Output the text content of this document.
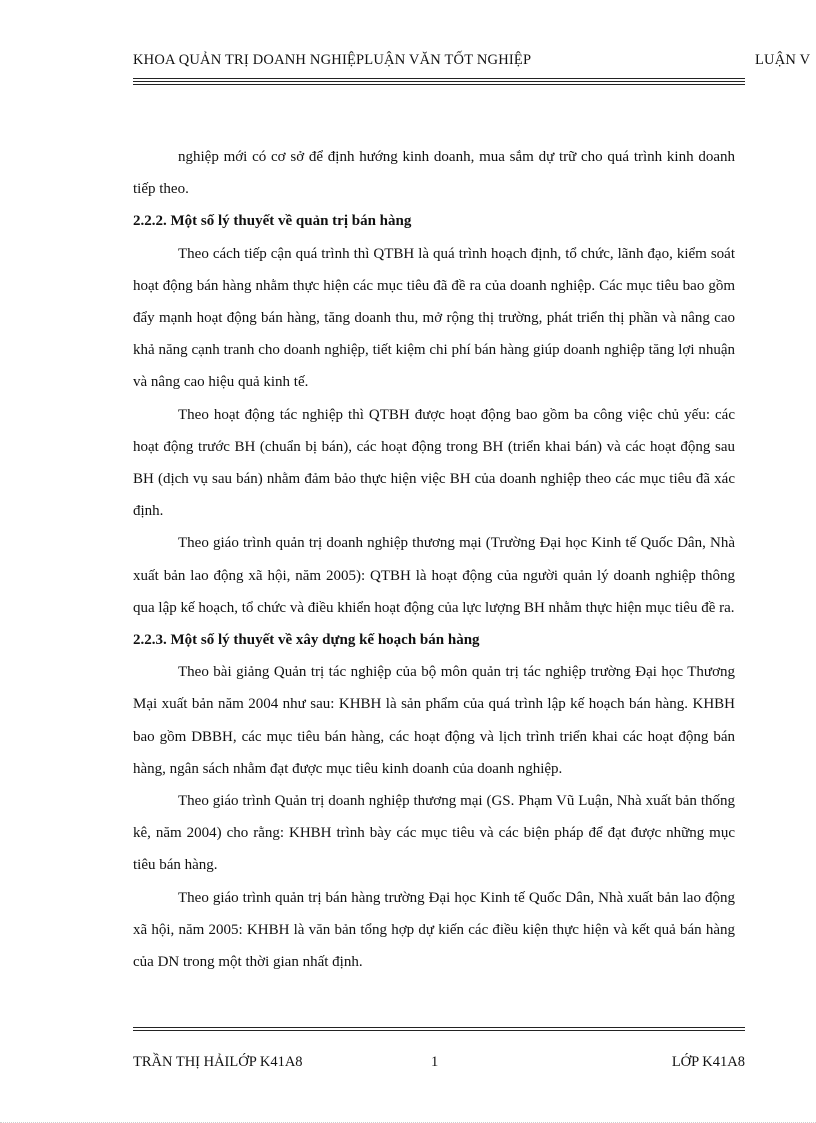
KHOA QUẢN TRỊ DOANH NGHIỆPLUẬN VĂN TỐT NGHIỆP	LUẬN V

nghiệp mới có cơ sở để định hướng kinh doanh, mua sắm dự trữ cho quá trình kinh doanh tiếp theo.

2.2.2. Một số lý thuyết về quản trị bán hàng

Theo cách tiếp cận quá trình thì QTBH là quá trình hoạch định, tổ chức, lãnh đạo, kiểm soát hoạt động bán hàng nhằm thực hiện các mục tiêu đã đề ra của doanh nghiệp. Các mục tiêu bao gồm đẩy mạnh hoạt động bán hàng, tăng doanh thu, mở rộng thị trường, phát triển thị phần và nâng cao khả năng cạnh tranh cho doanh nghiệp, tiết kiệm chi phí bán hàng giúp doanh nghiệp tăng lợi nhuận và nâng cao hiệu quả kinh tế.

Theo hoạt động tác nghiệp thì QTBH được hoạt động bao gồm ba công việc chủ yếu: các hoạt động trước BH (chuẩn bị bán), các hoạt động trong BH (triển khai bán) và các hoạt động sau BH (dịch vụ sau bán) nhằm đảm bảo thực hiện việc BH của doanh nghiệp theo các mục tiêu đã xác định.

Theo giáo trình quản trị doanh nghiệp thương mại (Trường Đại học Kinh tế Quốc Dân, Nhà xuất bản lao động xã hội, năm 2005): QTBH là hoạt động của người quản lý doanh nghiệp thông qua lập kế hoạch, tổ chức và điều khiển hoạt động của lực lượng BH nhằm thực hiện mục tiêu đề ra.

2.2.3. Một số lý thuyết về xây dựng kế hoạch bán hàng

Theo bài giảng Quản trị tác nghiệp của bộ môn quản trị tác nghiệp trường Đại học Thương Mại xuất bản năm 2004 như sau: KHBH là sản phẩm của quá trình lập kế hoạch bán hàng. KHBH bao gồm DBBH, các mục tiêu bán hàng, các hoạt động và lịch trình triển khai các hoạt động bán hàng, ngân sách nhằm đạt được mục tiêu kinh doanh của doanh nghiệp.

Theo giáo trình Quản trị doanh nghiệp thương mại (GS. Phạm Vũ Luận, Nhà xuất bản thống kê, năm 2004) cho rằng: KHBH trình bày các mục tiêu và các biện pháp để đạt được những mục tiêu bán hàng.

Theo giáo trình quản trị bán hàng trường Đại học Kinh tế Quốc Dân, Nhà xuất bản lao động xã hội, năm 2005: KHBH là văn bản tổng hợp dự kiến các điều kiện thực hiện và kết quả bán hàng của DN trong một thời gian nhất định.

TRẦN THỊ HẢILỚP K41A8	1	LỚP K41A8
